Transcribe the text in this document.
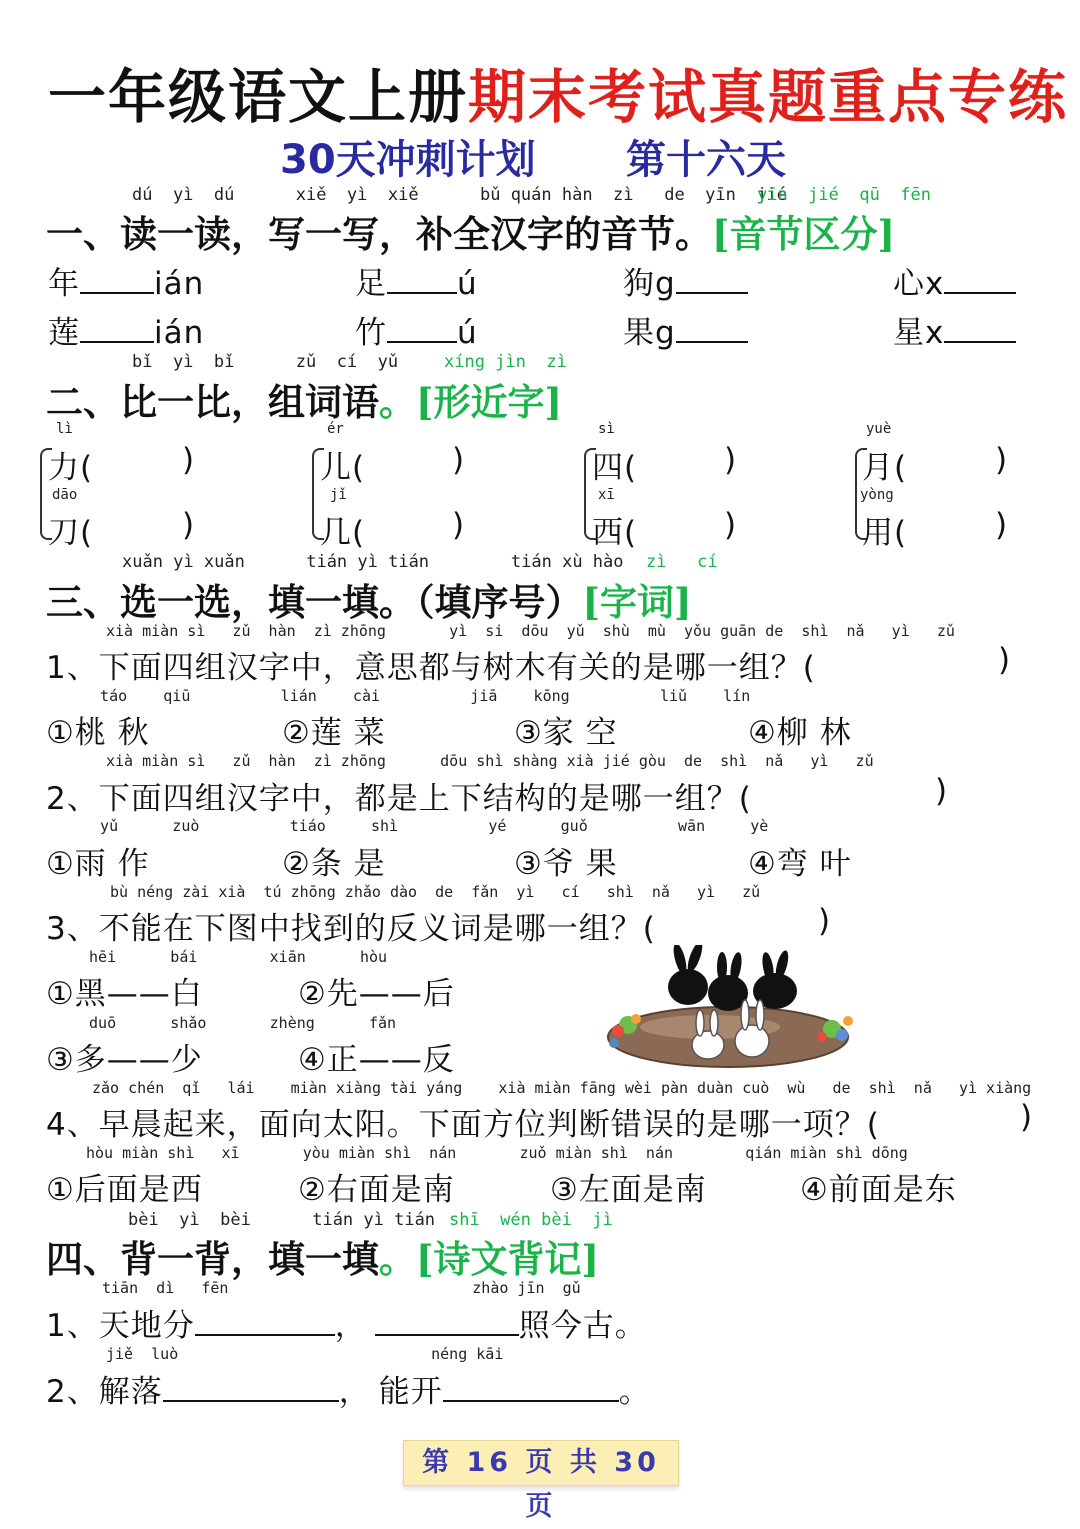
一年级语文上册期末考试真题重点专练
30天冲刺计划 第十六天
dú  yì  dú      xiě  yì  xiě      bǔ quán hàn  zì   de  yīn  jié
yīn  jié  qū  fēn
一、读一读，写一写，补全汉字的音节。[音节区分]
年 ián	足 ú	狗g	心x
莲 ián	竹 ú	果g	星x
bǐ  yì  bǐ      zǔ  cí  yǔ	xíng jìn  zì
二、比一比，组词语。[形近字]
lì
力(	)
dāo
刀(	)
ér
儿(	)
jǐ
几(	)
sì
四(	)
xī
西(	)
yuè
月(	)
yòng
用(	)
xuǎn yì xuǎn      tián yì tián        tián xù hào zì   cí
三、选一选，填一填。（填序号）[字词]
xià miàn sì   zǔ  hàn  zì zhōng       yì  si  dōu  yǔ  shù  mù  yǒu guān de  shì  nǎ   yì   zǔ
1、下面四组汉字中，意思都与树木有关的是哪一组？(	)
táo    qiū          lián    cài          jiā    kōng          liǔ    lín
①桃 秋	②莲 菜	③家 空	④柳 林
xià miàn sì   zǔ  hàn  zì zhōng      dōu shì shàng xià jié gòu  de  shì  nǎ   yì   zǔ
2、下面四组汉字中，都是上下结构的是哪一组？(	)
yǔ      zuò          tiáo     shì          yé      guǒ          wān     yè
①雨 作	②条 是	③爷 果	④弯 叶
bù néng zài xià  tú zhōng zhǎo dào  de  fǎn  yì   cí   shì  nǎ   yì   zǔ
3、不能在下图中找到的反义词是哪一组？(	)
hēi      bái        xiān      hòu
①黑——白	②先——后
duō      shǎo       zhèng      fǎn
③多——少	④正——反
zǎo chén  qǐ   lái    miàn xiàng tài yáng    xià miàn fāng wèi pàn duàn cuò  wù   de  shì  nǎ   yì xiàng
4、早晨起来，面向太阳。下面方位判断错误的是哪一项？(	)
hòu miàn shì   xī       yòu miàn shì  nán       zuǒ miàn shì  nán        qián miàn shì dōng
①后面是西	②右面是南	③左面是南	④前面是东
bèi  yì  bèi      tián yì tián shī  wén bèi  jì
四、背一背，填一填。[诗文背记]
tiān  dì   fēn                           zhào jīn  gǔ
1、天地分	，	照今古。
jiě  luò                            néng kāi
2、解落	， 能开	。
第 16 页 共 30 页
